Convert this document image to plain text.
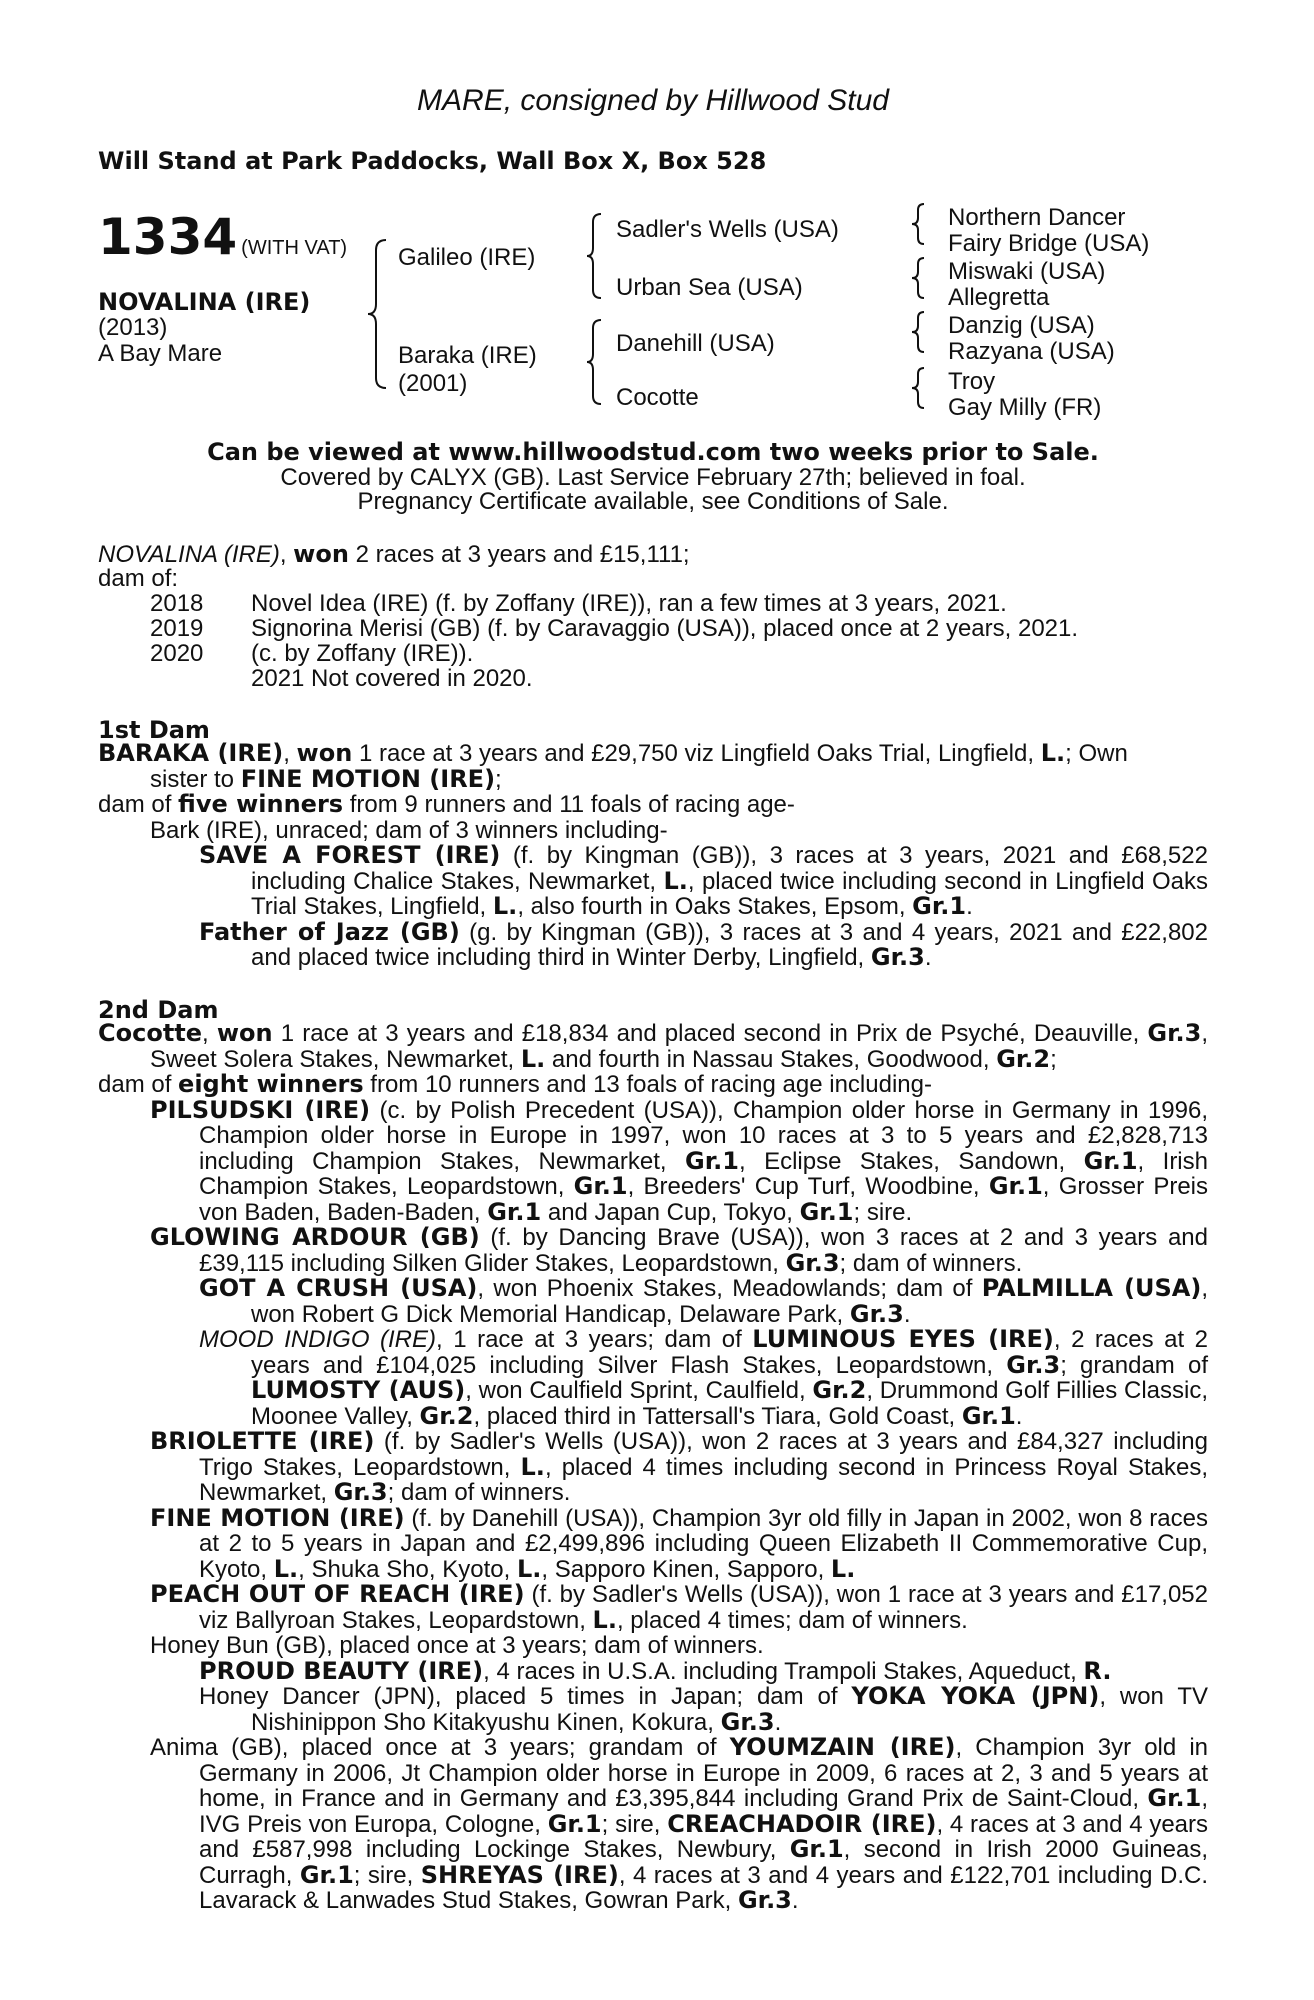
MARE, consigned by Hillwood Stud
Will Stand at Park Paddocks, Wall Box X, Box 528
1334 (WITH VAT)
NOVALINA (IRE)
(2013)
A Bay Mare
Galileo (IRE)
Baraka (IRE)
(2001)
Sadler's Wells (USA)
Urban Sea (USA)
Danehill (USA)
Cocotte
Northern Dancer
Fairy Bridge (USA)
Miswaki (USA)
Allegretta
Danzig (USA)
Razyana (USA)
Troy
Gay Milly (FR)
Can be viewed at www.hillwoodstud.com two weeks prior to Sale.
Covered by CALYX (GB). Last Service February 27th; believed in foal.
Pregnancy Certificate available, see Conditions of Sale.
NOVALINA (IRE), won 2 races at 3 years and £15,111;
dam of:
2018 Novel Idea (IRE) (f. by Zoffany (IRE)), ran a few times at 3 years, 2021.
2019 Signorina Merisi (GB) (f. by Caravaggio (USA)), placed once at 2 years, 2021.
2020 (c. by Zoffany (IRE)).
2021 Not covered in 2020.
1st Dam
BARAKA (IRE), won 1 race at 3 years and £29,750 viz Lingfield Oaks Trial, Lingfield, L.; Own
sister to FINE MOTION (IRE);
dam of five winners from 9 runners and 11 foals of racing age-
Bark (IRE), unraced; dam of 3 winners including-
SAVE A FOREST (IRE) (f. by Kingman (GB)), 3 races at 3 years, 2021 and £68,522 including Chalice Stakes, Newmarket, L., placed twice including second in Lingfield Oaks Trial Stakes, Lingfield, L., also fourth in Oaks Stakes, Epsom, Gr.1.
Father of Jazz (GB) (g. by Kingman (GB)), 3 races at 3 and 4 years, 2021 and £22,802 and placed twice including third in Winter Derby, Lingfield, Gr.3.
2nd Dam
Cocotte, won 1 race at 3 years and £18,834 and placed second in Prix de Psyché, Deauville, Gr.3, Sweet Solera Stakes, Newmarket, L. and fourth in Nassau Stakes, Goodwood, Gr.2;
dam of eight winners from 10 runners and 13 foals of racing age including-
PILSUDSKI (IRE) (c. by Polish Precedent (USA)), Champion older horse in Germany in 1996, Champion older horse in Europe in 1997, won 10 races at 3 to 5 years and £2,828,713 including Champion Stakes, Newmarket, Gr.1, Eclipse Stakes, Sandown, Gr.1, Irish Champion Stakes, Leopardstown, Gr.1, Breeders' Cup Turf, Woodbine, Gr.1, Grosser Preis von Baden, Baden-Baden, Gr.1 and Japan Cup, Tokyo, Gr.1; sire.
GLOWING ARDOUR (GB) (f. by Dancing Brave (USA)), won 3 races at 2 and 3 years and £39,115 including Silken Glider Stakes, Leopardstown, Gr.3; dam of winners.
GOT A CRUSH (USA), won Phoenix Stakes, Meadowlands; dam of PALMILLA (USA), won Robert G Dick Memorial Handicap, Delaware Park, Gr.3.
MOOD INDIGO (IRE), 1 race at 3 years; dam of LUMINOUS EYES (IRE), 2 races at 2 years and £104,025 including Silver Flash Stakes, Leopardstown, Gr.3; grandam of LUMOSTY (AUS), won Caulfield Sprint, Caulfield, Gr.2, Drummond Golf Fillies Classic, Moonee Valley, Gr.2, placed third in Tattersall's Tiara, Gold Coast, Gr.1.
BRIOLETTE (IRE) (f. by Sadler's Wells (USA)), won 2 races at 3 years and £84,327 including Trigo Stakes, Leopardstown, L., placed 4 times including second in Princess Royal Stakes, Newmarket, Gr.3; dam of winners.
FINE MOTION (IRE) (f. by Danehill (USA)), Champion 3yr old filly in Japan in 2002, won 8 races at 2 to 5 years in Japan and £2,499,896 including Queen Elizabeth II Commemorative Cup, Kyoto, L., Shuka Sho, Kyoto, L., Sapporo Kinen, Sapporo, L.
PEACH OUT OF REACH (IRE) (f. by Sadler's Wells (USA)), won 1 race at 3 years and £17,052 viz Ballyroan Stakes, Leopardstown, L., placed 4 times; dam of winners.
Honey Bun (GB), placed once at 3 years; dam of winners.
PROUD BEAUTY (IRE), 4 races in U.S.A. including Trampoli Stakes, Aqueduct, R.
Honey Dancer (JPN), placed 5 times in Japan; dam of YOKA YOKA (JPN), won TV Nishinippon Sho Kitakyushu Kinen, Kokura, Gr.3.
Anima (GB), placed once at 3 years; grandam of YOUMZAIN (IRE), Champion 3yr old in Germany in 2006, Jt Champion older horse in Europe in 2009, 6 races at 2, 3 and 5 years at home, in France and in Germany and £3,395,844 including Grand Prix de Saint-Cloud, Gr.1, IVG Preis von Europa, Cologne, Gr.1; sire, CREACHADOIR (IRE), 4 races at 3 and 4 years and £587,998 including Lockinge Stakes, Newbury, Gr.1, second in Irish 2000 Guineas, Curragh, Gr.1; sire, SHREYAS (IRE), 4 races at 3 and 4 years and £122,701 including D.C. Lavarack & Lanwades Stud Stakes, Gowran Park, Gr.3.
